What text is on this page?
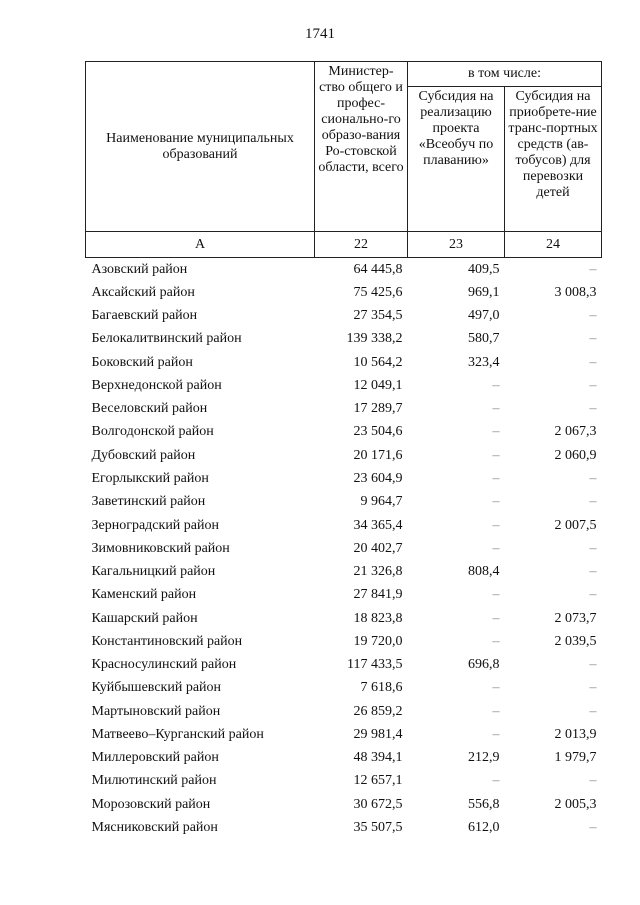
1741
Наименование муниципальных образований	Министер-ство общего и профес-сионально-го образо-вания Ро-стовской области, всего	в том числе:	
		Субсидия на реализацию проекта «Всеобуч по плаванию»	Субсидия на приобрете-ние транс-портных средств (ав-тобусов) для перевозки детей
А	22	23	24
Азовский район	64 445,8	409,5	–
Аксайский район	75 425,6	969,1	3 008,3
Багаевский район	27 354,5	497,0	–
Белокалитвинский район	139 338,2	580,7	–
Боковский район	10 564,2	323,4	–
Верхнедонской район	12 049,1	–	–
Веселовский район	17 289,7	–	–
Волгодонской район	23 504,6	–	2 067,3
Дубовский район	20 171,6	–	2 060,9
Егорлыкский район	23 604,9	–	–
Заветинский район	9 964,7	–	–
Зерноградский район	34 365,4	–	2 007,5
Зимовниковский район	20 402,7	–	–
Кагальницкий район	21 326,8	808,4	–
Каменский район	27 841,9	–	–
Кашарский район	18 823,8	–	2 073,7
Константиновский район	19 720,0	–	2 039,5
Красносулинский район	117 433,5	696,8	–
Куйбышевский район	7 618,6	–	–
Мартыновский район	26 859,2	–	–
Матвеево–Курганский район	29 981,4	–	2 013,9
Миллеровский район	48 394,1	212,9	1 979,7
Милютинский район	12 657,1	–	–
Морозовский район	30 672,5	556,8	2 005,3
Мясниковский район	35 507,5	612,0	–
